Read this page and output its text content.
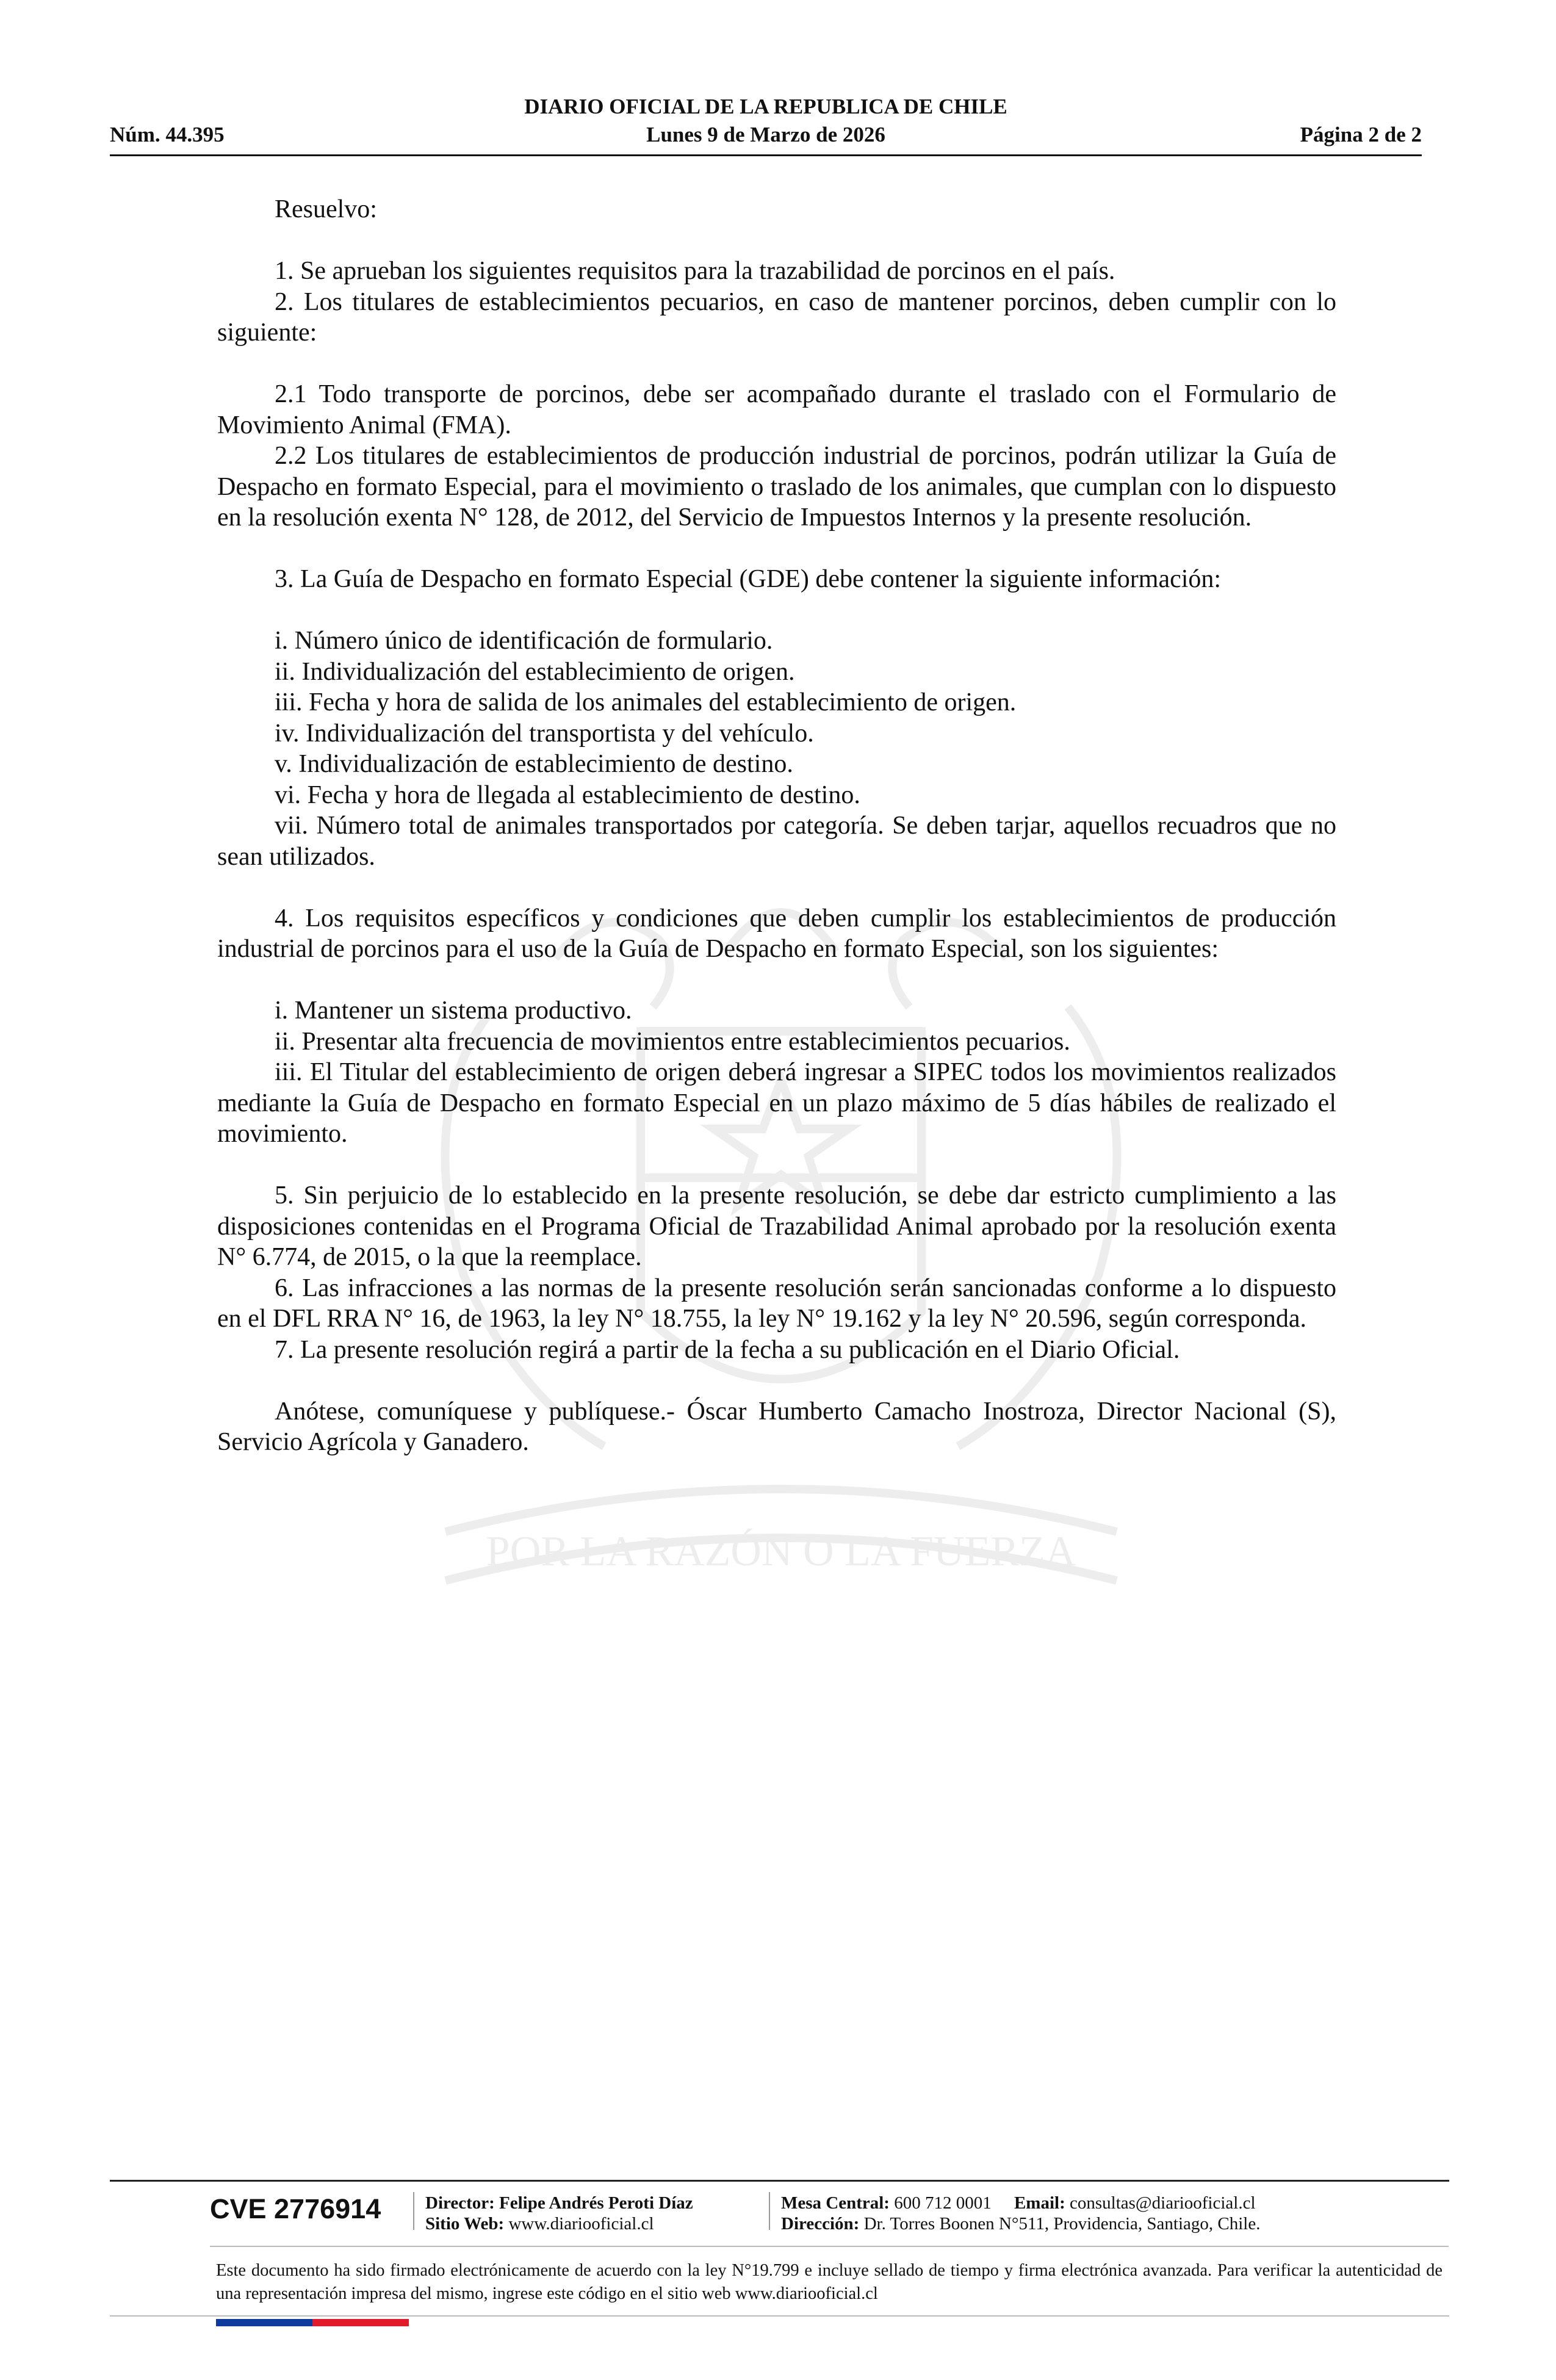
POR LA RAZÓN O LA FUERZA
DIARIO OFICIAL DE LA REPUBLICA DE CHILE
Núm. 44.395	Lunes 9 de Marzo de 2026	Página 2 de 2

Resuelvo:

1. Se aprueban los siguientes requisitos para la trazabilidad de porcinos en el país.

2. Los titulares de establecimientos pecuarios, en caso de mantener porcinos, deben cumplir con lo siguiente:

2.1 Todo transporte de porcinos, debe ser acompañado durante el traslado con el Formulario de Movimiento Animal (FMA).

2.2 Los titulares de establecimientos de producción industrial de porcinos, podrán utilizar la Guía de Despacho en formato Especial, para el movimiento o traslado de los animales, que cumplan con lo dispuesto en la resolución exenta N° 128, de 2012, del Servicio de Impuestos Internos y la presente resolución.

3. La Guía de Despacho en formato Especial (GDE) debe contener la siguiente información:

i. Número único de identificación de formulario.

ii. Individualización del establecimiento de origen.

iii. Fecha y hora de salida de los animales del establecimiento de origen.

iv. Individualización del transportista y del vehículo.

v. Individualización de establecimiento de destino.

vi. Fecha y hora de llegada al establecimiento de destino.

vii. Número total de animales transportados por categoría. Se deben tarjar, aquellos recuadros que no sean utilizados.

4. Los requisitos específicos y condiciones que deben cumplir los establecimientos de producción industrial de porcinos para el uso de la Guía de Despacho en formato Especial, son los siguientes:

i. Mantener un sistema productivo.

ii. Presentar alta frecuencia de movimientos entre establecimientos pecuarios.

iii. El Titular del establecimiento de origen deberá ingresar a SIPEC todos los movimientos realizados mediante la Guía de Despacho en formato Especial en un plazo máximo de 5 días hábiles de realizado el movimiento.

5. Sin perjuicio de lo establecido en la presente resolución, se debe dar estricto cumplimiento a las disposiciones contenidas en el Programa Oficial de Trazabilidad Animal aprobado por la resolución exenta N° 6.774, de 2015, o la que la reemplace.

6. Las infracciones a las normas de la presente resolución serán sancionadas conforme a lo dispuesto en el DFL RRA N° 16, de 1963, la ley N° 18.755, la ley N° 19.162 y la ley N° 20.596, según corresponda.

7. La presente resolución regirá a partir de la fecha a su publicación en el Diario Oficial.

Anótese, comuníquese y publíquese.- Óscar Humberto Camacho Inostroza, Director Nacional (S), Servicio Agrícola y Ganadero.

CVE 2776914	Director: Felipe Andrés Peroti Díaz
Sitio Web: www.diariooficial.cl
Mesa Central: 600 712 0001 Email: consultas@diariooficial.cl
Dirección: Dr. Torres Boonen N°511, Providencia, Santiago, Chile.
Este documento ha sido firmado electrónicamente de acuerdo con la ley N°19.799 e incluye sellado de tiempo y firma electrónica avanzada. Para verificar la autenticidad de una representación impresa del mismo, ingrese este código en el sitio web www.diariooficial.cl
